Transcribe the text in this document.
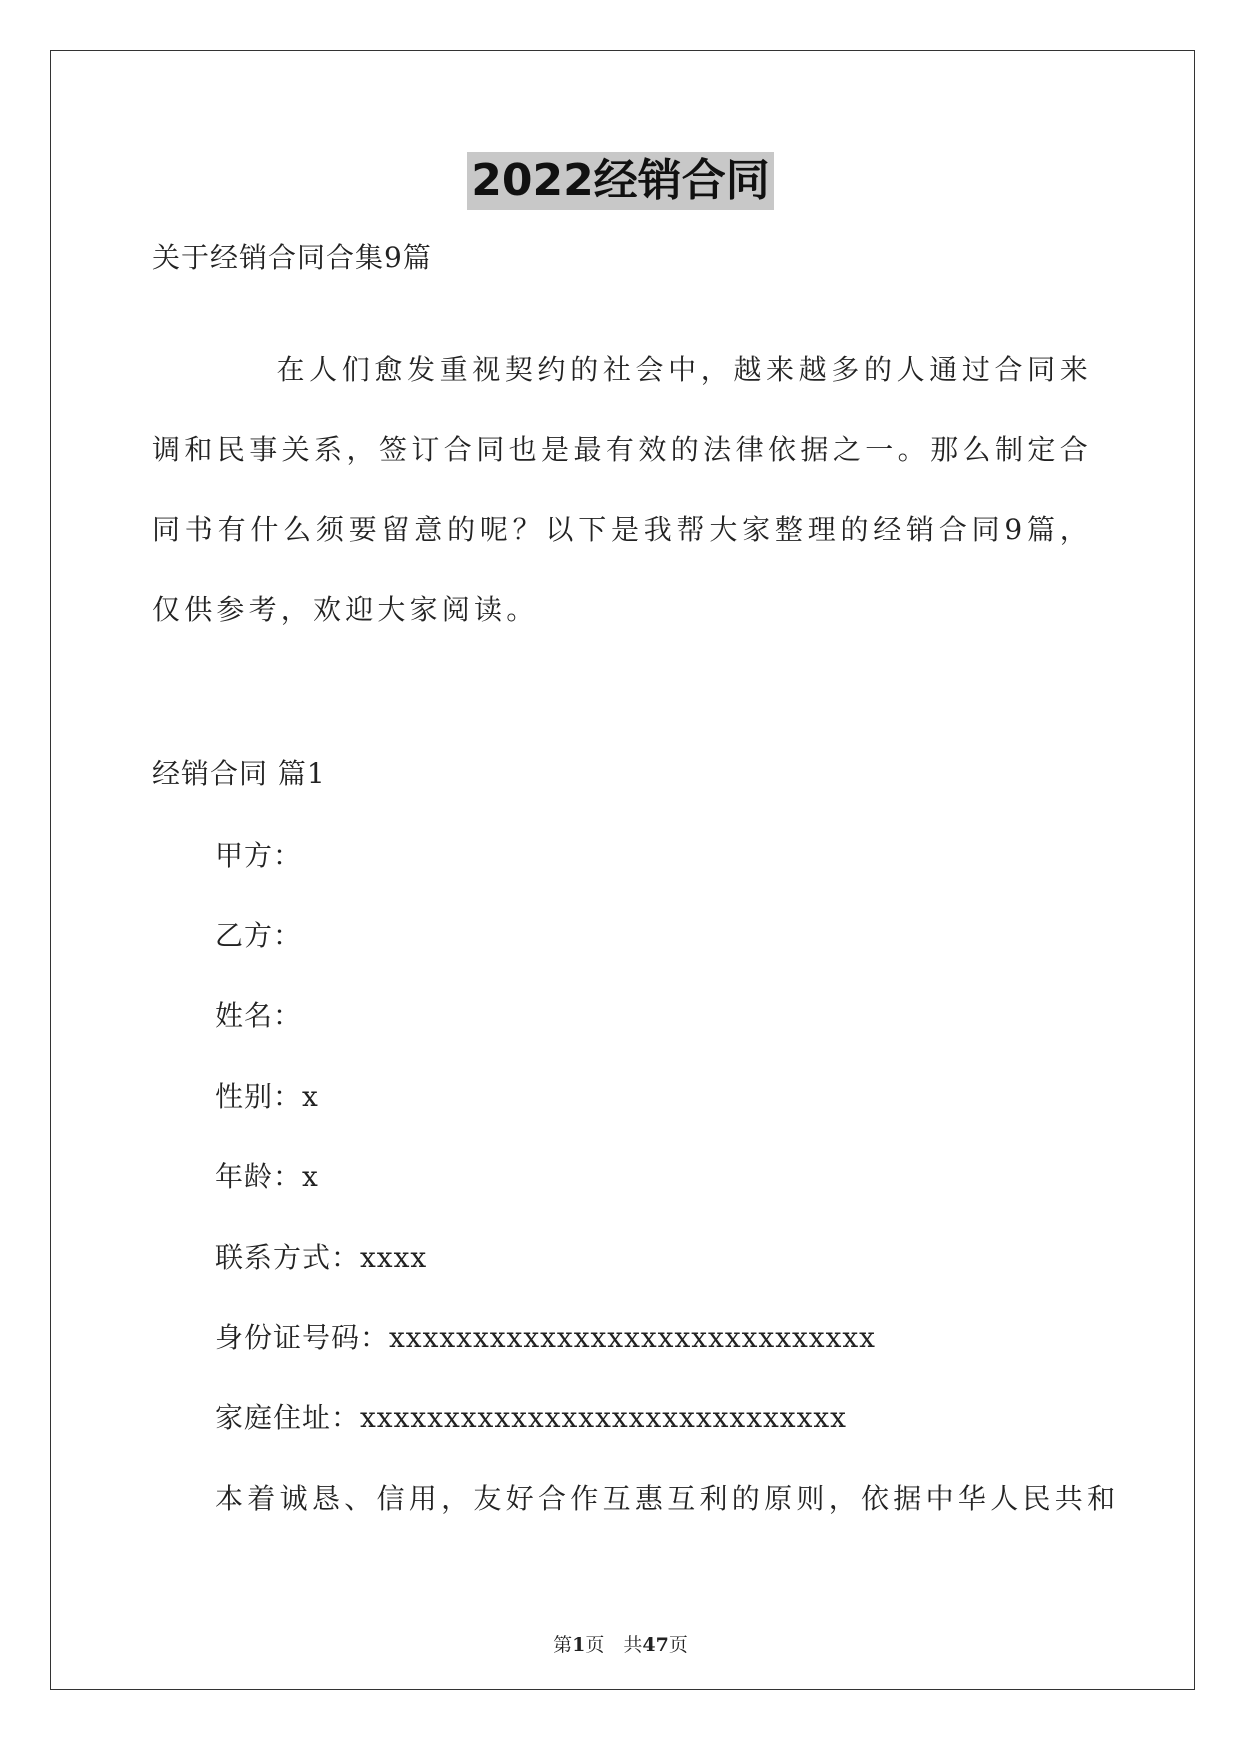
2022经销合同
关于经销合同合集9篇
在人们愈发重视契约的社会中，越来越多的人通过合同来调和民事关系，签订合同也是最有效的法律依据之一。那么制定合同书有什么须要留意的呢？以下是我帮大家整理的经销合同9篇，仅供参考，欢迎大家阅读。
经销合同 篇1
甲方：
乙方：
姓名：
性别：x
年龄：x
联系方式：xxxx
身份证号码：xxxxxxxxxxxxxxxxxxxxxxxxxxxxx
家庭住址：xxxxxxxxxxxxxxxxxxxxxxxxxxxxx
本着诚恳、信用，友好合作互惠互利的原则，依据中华人民共和
第1页　共47页
